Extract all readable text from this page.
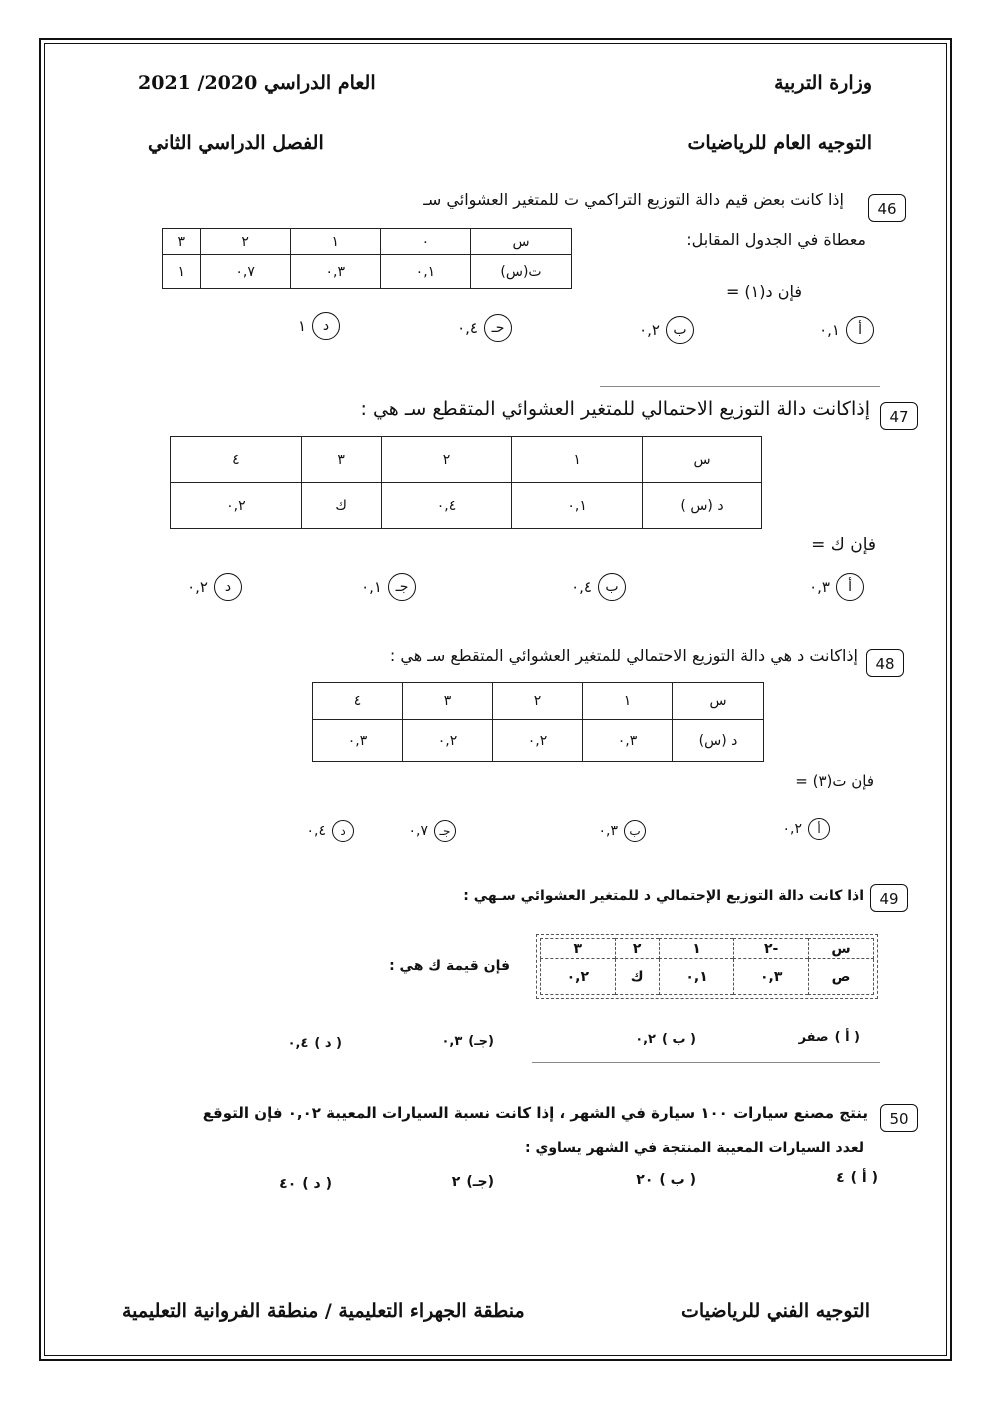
وزارة التربية
العام الدراسي 2020/ 2021
التوجيه العام للرياضيات
الفصل الدراسي الثاني
46
إذا كانت بعض قيم دالة التوزيع التراكمي ت للمتغير العشوائي سـ
معطاة في الجدول المقابل:
س	٠	١	٢	٣
ت(س)	٠,١	٠,٣	٠,٧	١
فإن د(١) =
أ
٠,١
ب
٠,٢
حـ
٠,٤
د
١
47
إذاكانت دالة التوزيع الاحتمالي للمتغير العشوائي المتقطع سـ هي :
س	١	٢	٣	٤
د (س )	٠,١	٠,٤	ك	٠,٢
فإن ك =
أ
٠,٣
ب
٠,٤
جـ
٠,١
د
٠,٢
48
إذاكانت د هي دالة التوزيع الاحتمالي للمتغير العشوائي المتقطع سـ هي :
س	١	٢	٣	٤
د (س)	٠,٣	٠,٢	٠,٢	٠,٣
فإن ت(٣) =
أ
٠,٢
ب
٠,٣
جـ
٠,٧
د
٠,٤
49
اذا كانت دالة التوزيع الإحتمالي د للمتغير العشوائي سـهي :
س	-٢	١	٢	٣
ص	٠,٣	٠,١	ك	٠,٢
فإن قيمة ك هي :
( أ )
صفر
( ب )
٠,٢
(جـ)
٠,٣
( د )
٠,٤
50
ينتج مصنع سيارات ١٠٠ سيارة في الشهر ، إذا كانت نسبة السيارات المعيبة ٠,٠٢ فإن التوقع
لعدد السيارات المعيبة المنتجة في الشهر يساوي :
( أ )
٤
( ب )
٢٠
(جـ)
٢
( د )
٤٠
التوجيه الفني للرياضيات
منطقة الجهراء التعليمية / منطقة الفروانية التعليمية
